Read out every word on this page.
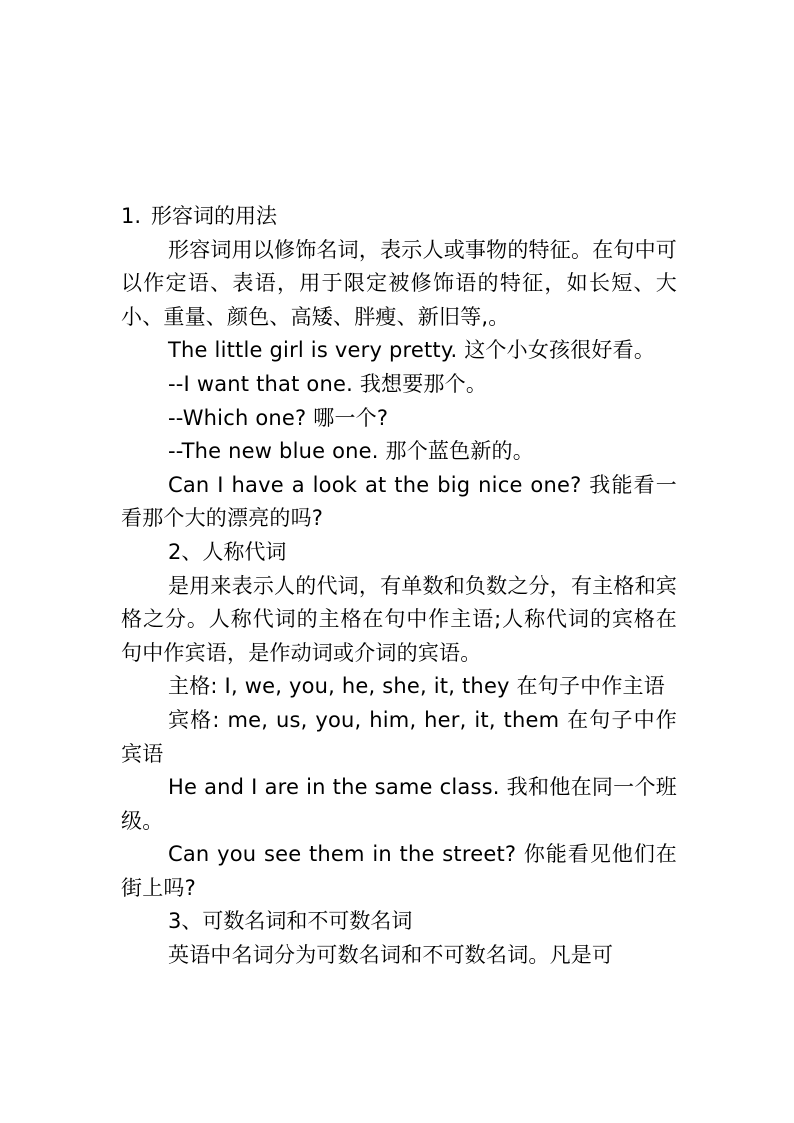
1. 形容词的用法

形容词用以修饰名词，表示人或事物的特征。在句中可以作定语、表语，用于限定被修饰语的特征，如长短、大小、重量、颜色、高矮、胖瘦、新旧等,。

The little girl is very pretty. 这个小女孩很好看。

--I want that one. 我想要那个。

--Which one? 哪一个?

--The new blue one. 那个蓝色新的。

Can I have a look at the big nice one? 我能看一看那个大的漂亮的吗?

2、人称代词

是用来表示人的代词，有单数和负数之分，有主格和宾格之分。人称代词的主格在句中作主语;人称代词的宾格在句中作宾语，是作动词或介词的宾语。

主格: I, we, you, he, she, it, they 在句子中作主语

宾格: me, us, you, him, her, it, them 在句子中作宾语

He and I are in the same class. 我和他在同一个班级。

Can you see them in the street? 你能看见他们在街上吗?

3、可数名词和不可数名词

英语中名词分为可数名词和不可数名词。凡是可
